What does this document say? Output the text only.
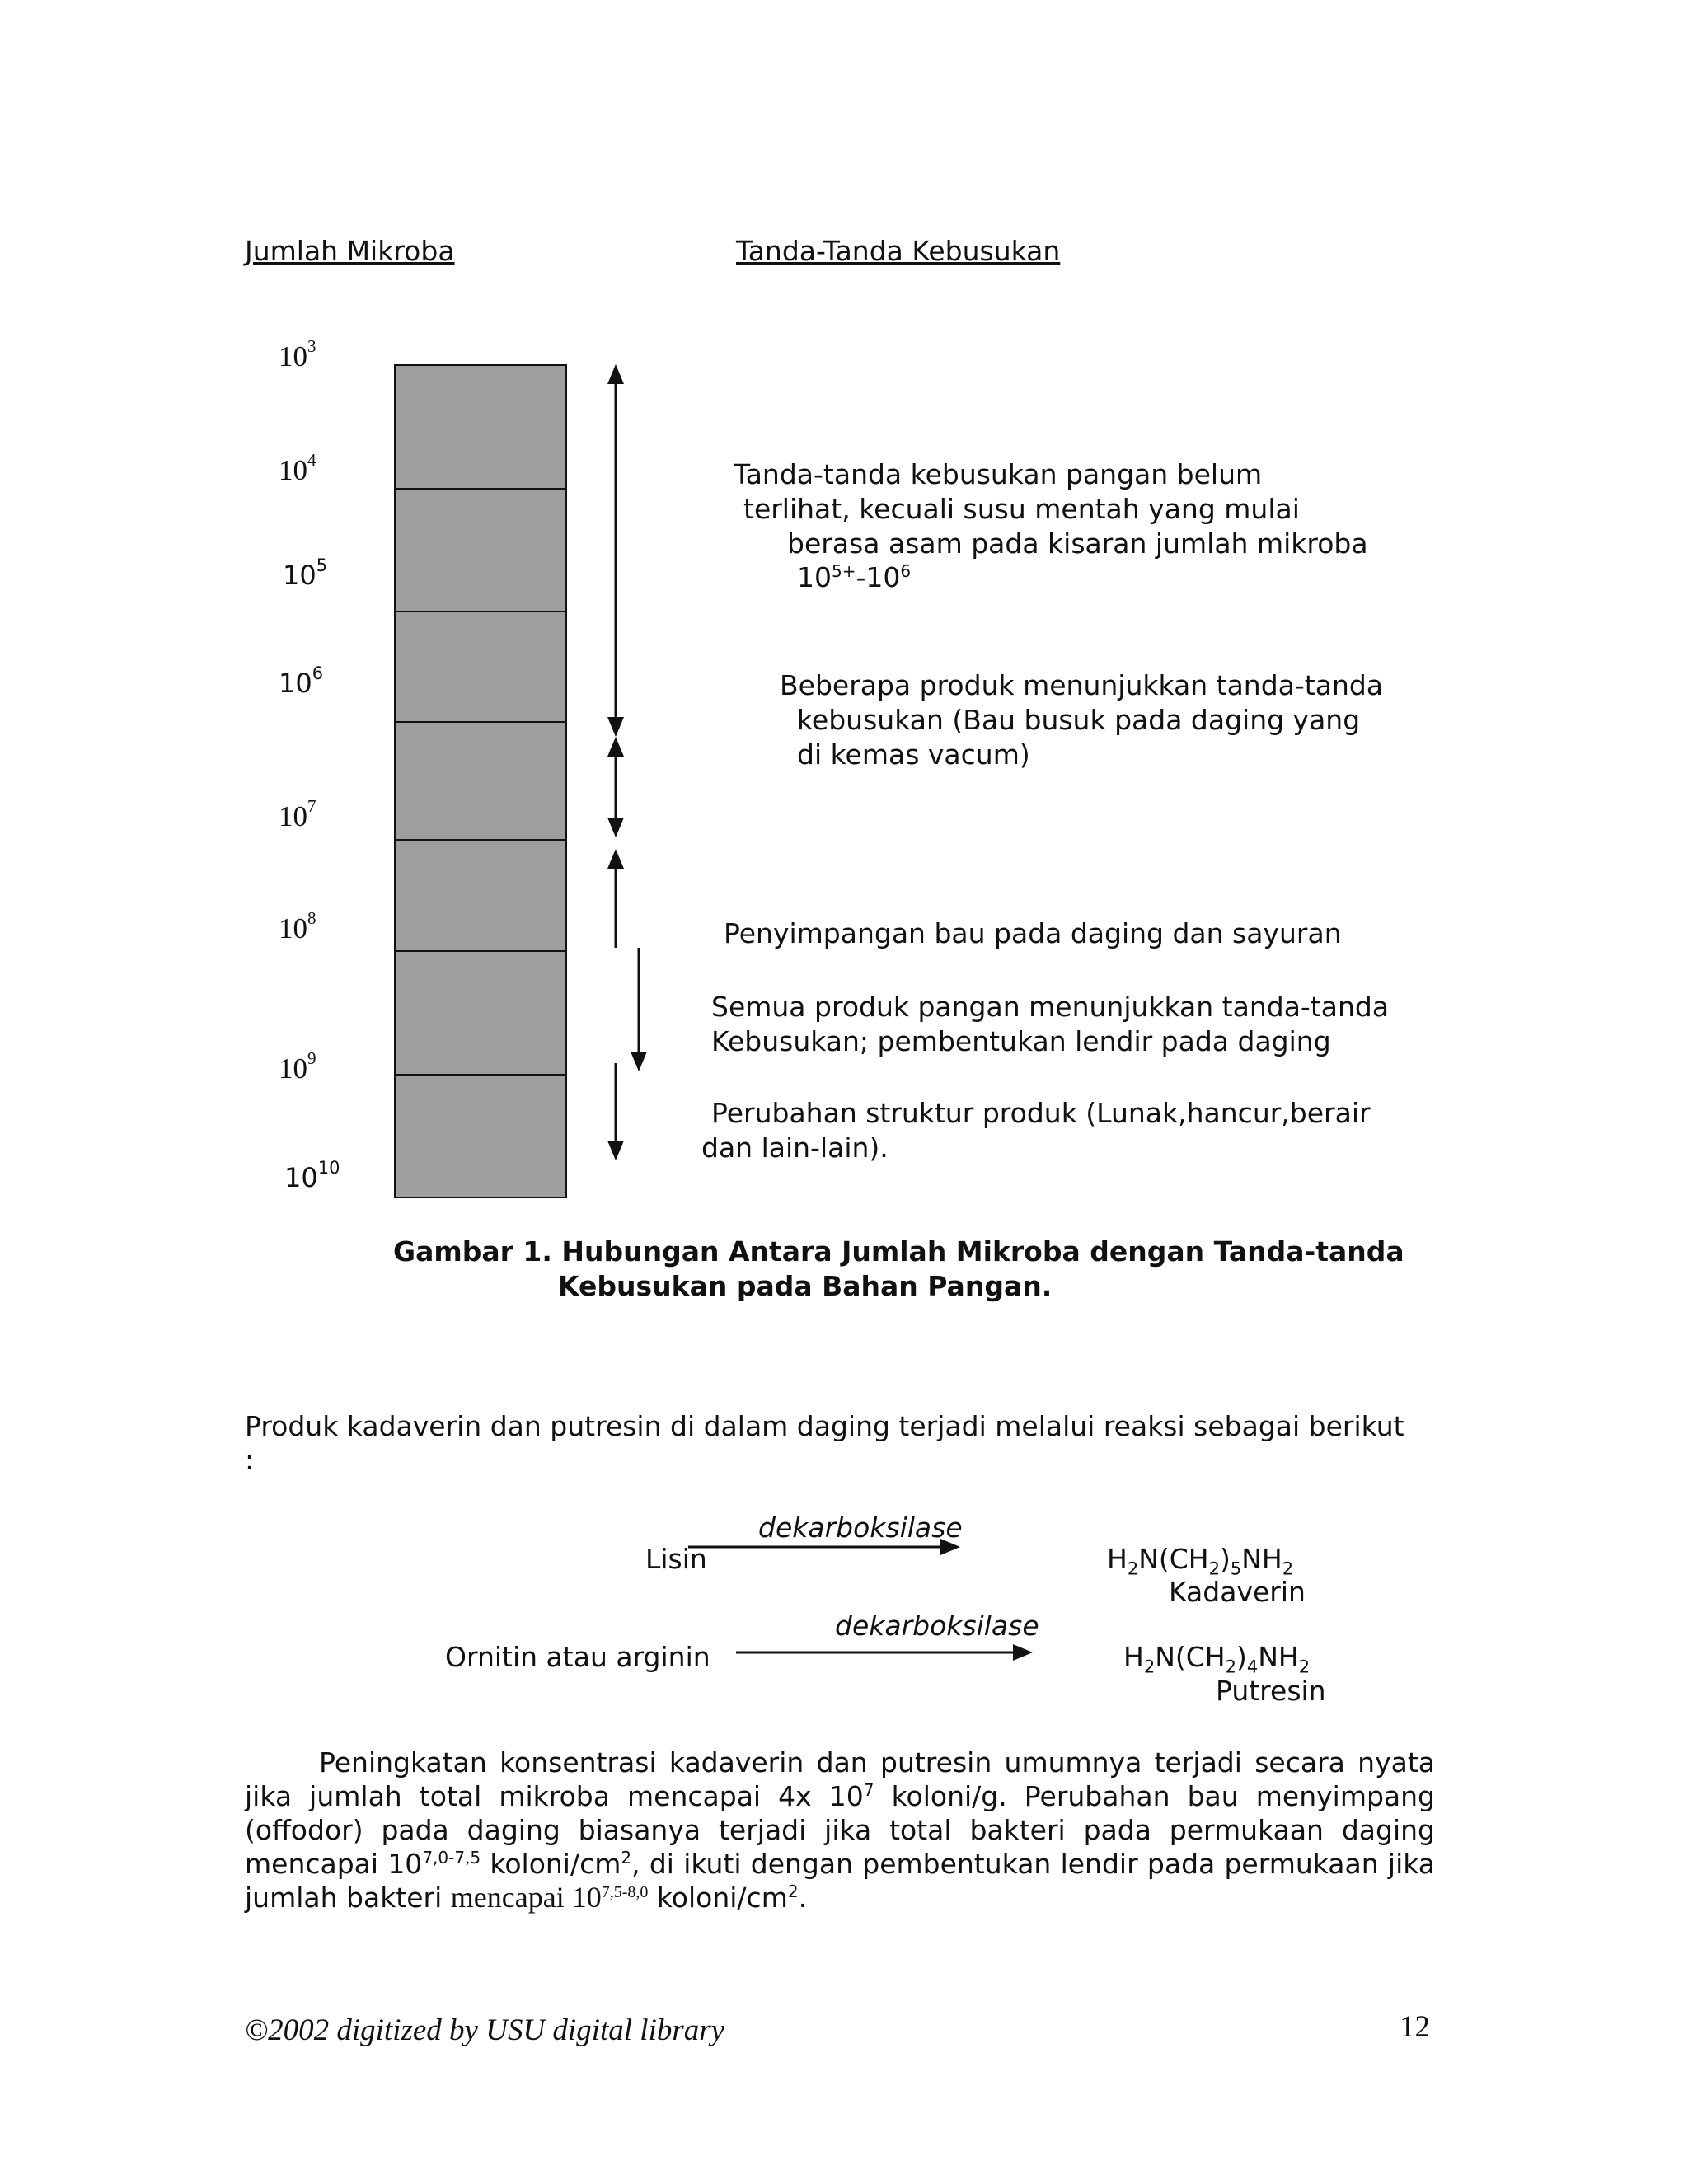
Jumlah Mikroba	Tanda-Tanda Kebusukan
$10^3$
$10^4$
$10^5$
$10^6$
$10^7$
$10^8$
$10^9$
$10^{10}$
Tanda-tanda kebusukan pangan belum
terlihat, kecuali susu mentah yang mulai
berasa asam pada kisaran jumlah mikroba
$10^{5+}-10^6$
Beberapa produk menunjukkan tanda-tanda
kebusukan (Bau busuk pada daging yang
di kemas vacum)
Penyimpangan bau pada daging dan sayuran
Semua produk pangan menunjukkan tanda-tanda
Kebusukan; pembentukan lendir pada daging
Perubahan struktur produk (Lunak,hancur,berair
dan lain-lain).
Gambar 1. Hubungan Antara Jumlah Mikroba dengan Tanda-tanda
Kebusukan pada Bahan Pangan.
Produk kadaverin dan putresin di dalam daging terjadi melalui reaksi sebagai berikut
:
dekarboksilase
Lisin	$H_2N(CH_2)_5NH_2$
Kadaverin
dekarboksilase
Ornitin atau arginin	$H_2N(CH_2)_4NH_2$
Putresin
Peningkatan konsentrasi kadaverin dan putresin umumnya terjadi secara nyata jika jumlah total mikroba mencapai 4x $10^7$ koloni/g. Perubahan bau menyimpang (offodor) pada daging biasanya terjadi jika total bakteri pada permukaan daging mencapai 10$^{7,0-7,5}$ koloni/$cm^2$, di ikuti dengan pembentukan lendir pada permukaan jika jumlah bakteri mencapai 10$^{7,5-8,0}$ koloni/$cm^2$.
©2002 digitized by USU digital library	12
